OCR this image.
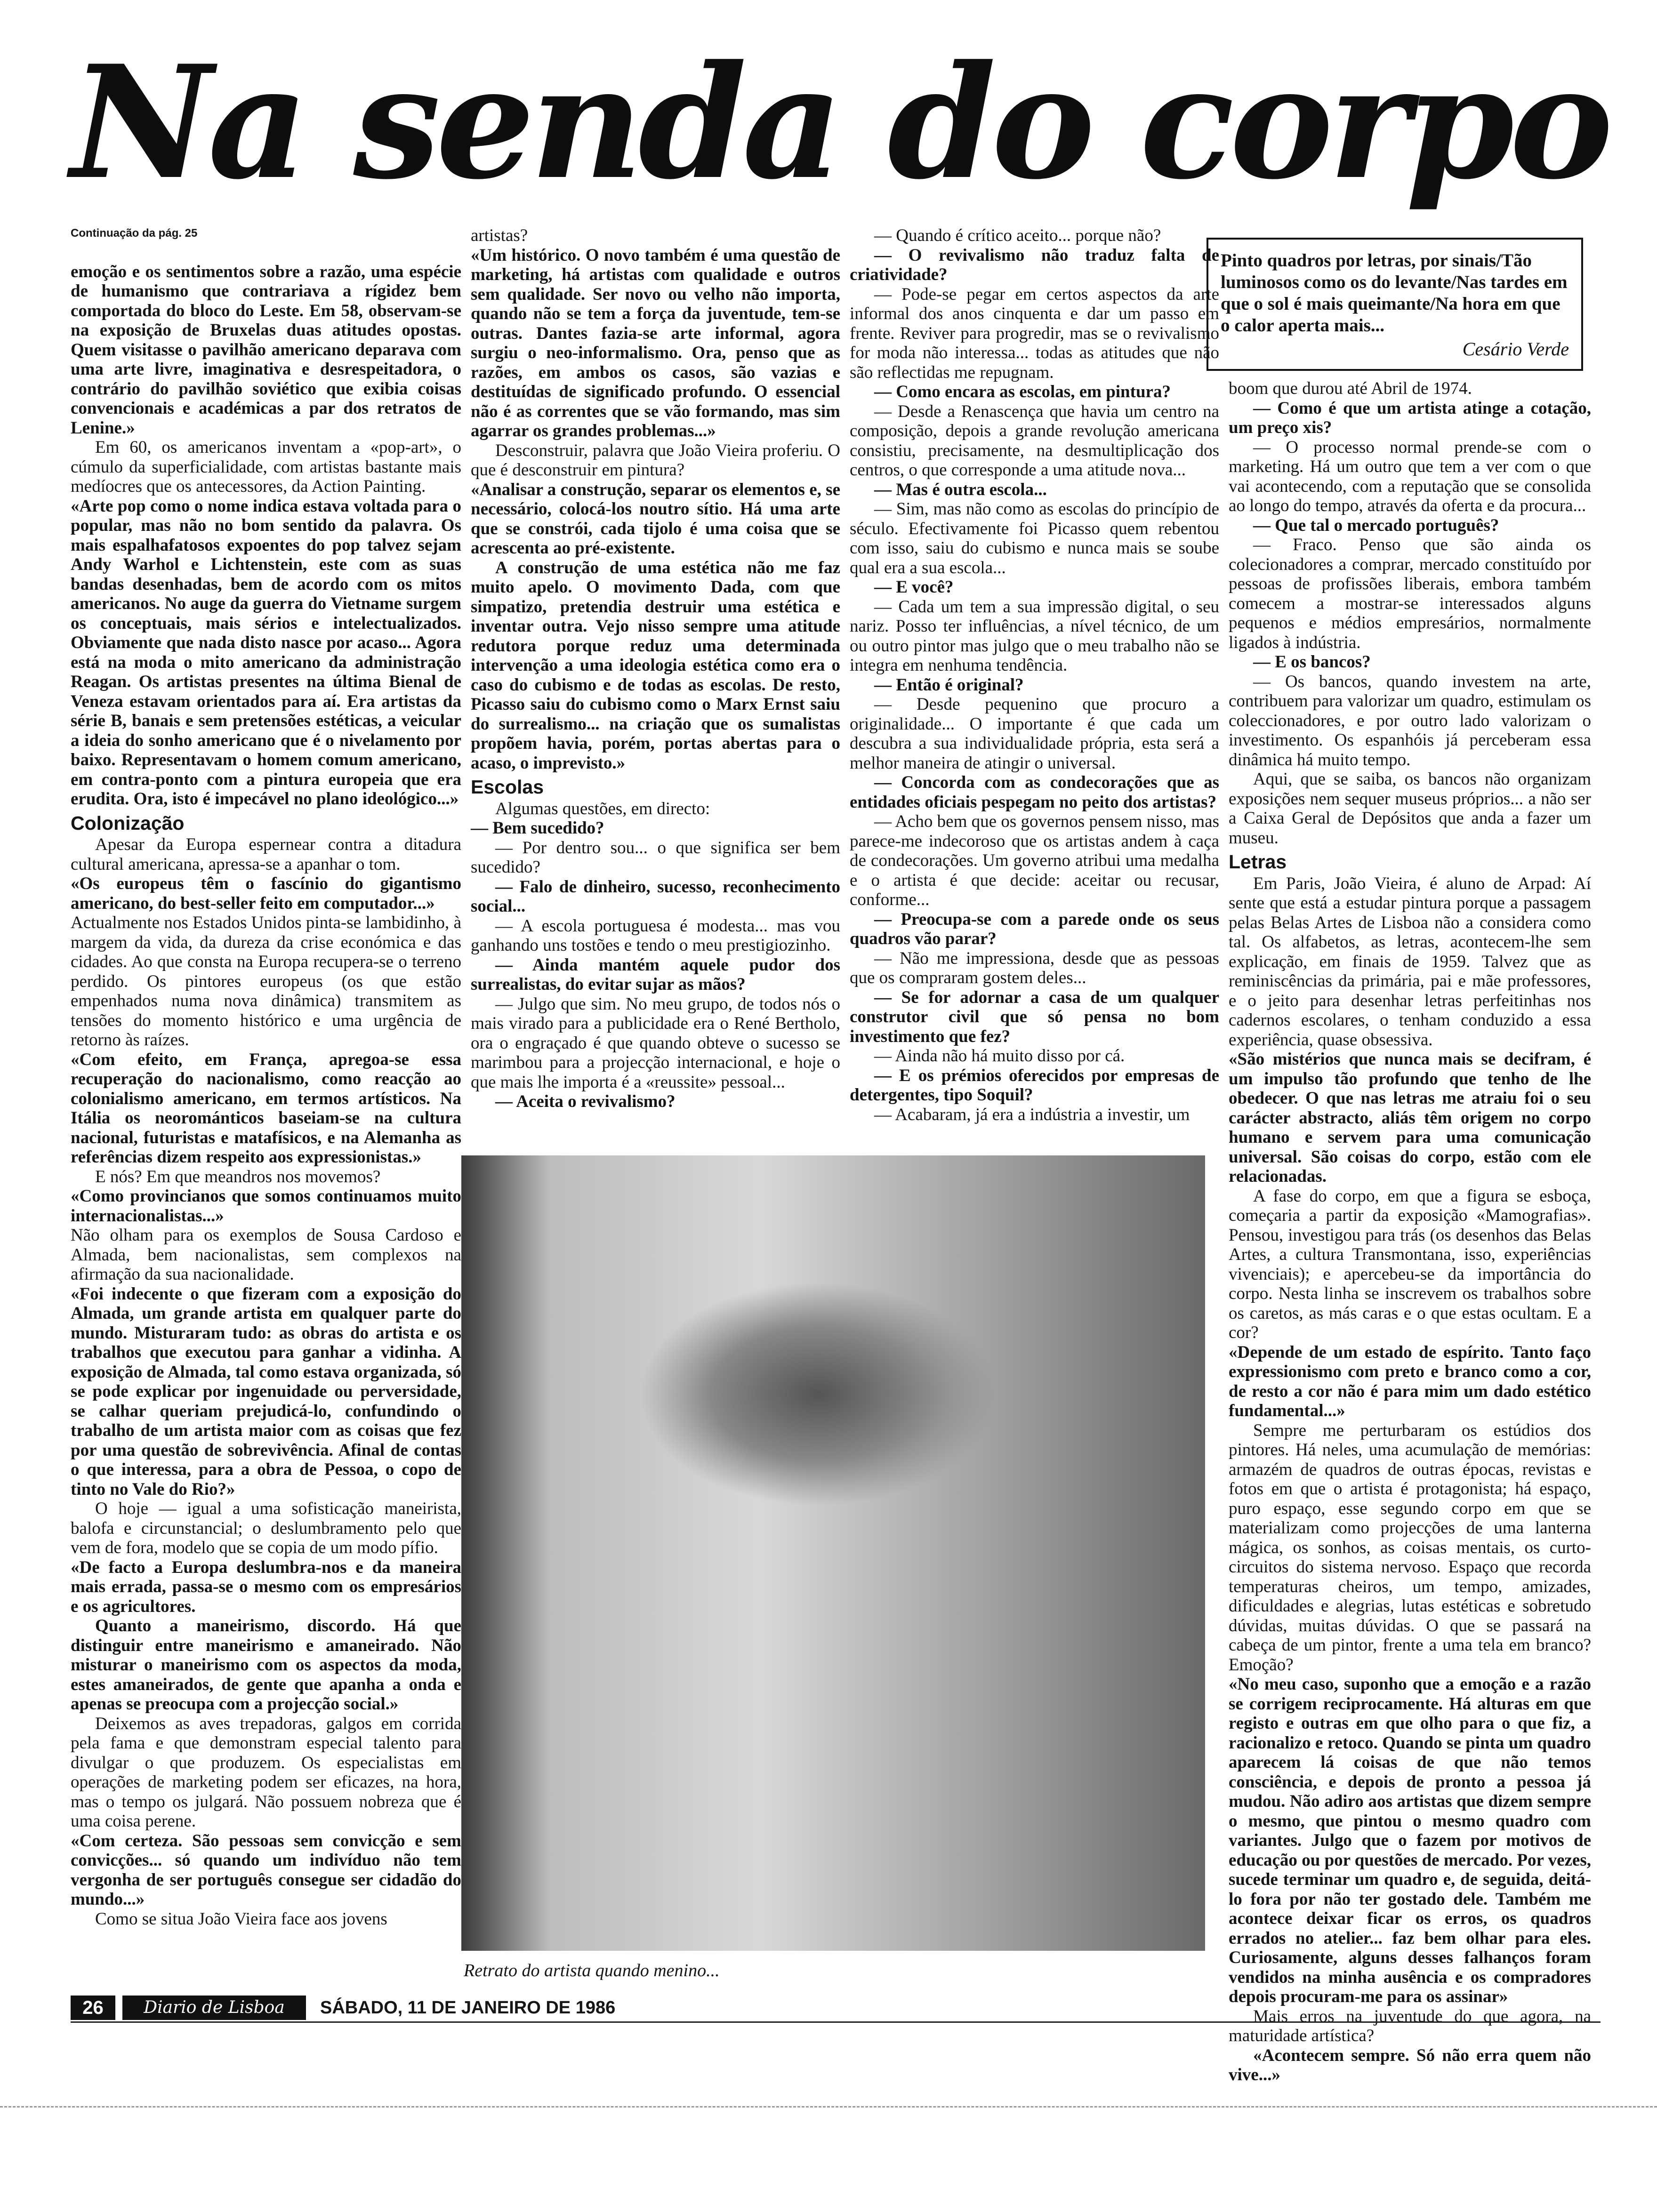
Na senda do corpo

Continuação da pág. 25

emoção e os sentimentos sobre a razão, uma espécie de humanismo que contrariava a rígidez bem comportada do bloco do Leste. Em 58, observam-se na exposição de Bruxelas duas atitudes opostas. Quem visitasse o pavilhão americano deparava com uma arte livre, imaginativa e desrespeitadora, o contrário do pavilhão soviético que exibia coisas convencionais e académicas a par dos retratos de Lenine.»

Em 60, os americanos inventam a «pop-art», o cúmulo da superficialidade, com artistas bastante mais medíocres que os antecessores, da Action Painting.

«Arte pop como o nome indica estava voltada para o popular, mas não no bom sentido da palavra. Os mais espalhafatosos expoentes do pop talvez sejam Andy Warhol e Lichtenstein, este com as suas bandas desenhadas, bem de acordo com os mitos americanos. No auge da guerra do Vietname surgem os conceptuais, mais sérios e intelectualizados. Obviamente que nada disto nasce por acaso... Agora está na moda o mito americano da administração Reagan. Os artistas presentes na última Bienal de Veneza estavam orientados para aí. Era artistas da série B, banais e sem pretensões estéticas, a veicular a ideia do sonho americano que é o nivelamento por baixo. Representavam o homem comum americano, em contra-ponto com a pintura europeia que era erudita. Ora, isto é impecável no plano ideológico...»

Colonização

Apesar da Europa espernear contra a ditadura cultural americana, apressa-se a apanhar o tom.

«Os europeus têm o fascínio do gigantismo americano, do best-seller feito em computador...»

Actualmente nos Estados Unidos pinta-se lambidinho, à margem da vida, da dureza da crise económica e das cidades. Ao que consta na Europa recupera-se o terreno perdido. Os pintores europeus (os que estão empenhados numa nova dinâmica) transmitem as tensões do momento histórico e uma urgência de retorno às raízes.

«Com efeito, em França, apregoa-se essa recuperação do nacionalismo, como reacção ao colonialismo americano, em termos artísticos. Na Itália os neorománticos baseiam-se na cultura nacional, futuristas e matafísicos, e na Alemanha as referências dizem respeito aos expressionistas.»

E nós? Em que meandros nos movemos?

«Como provincianos que somos continuamos muito internacionalistas...»

Não olham para os exemplos de Sousa Cardoso e Almada, bem nacionalistas, sem complexos na afirmação da sua nacionalidade.

«Foi indecente o que fizeram com a exposição do Almada, um grande artista em qualquer parte do mundo. Misturaram tudo: as obras do artista e os trabalhos que executou para ganhar a vidinha. A exposição de Almada, tal como estava organizada, só se pode explicar por ingenuidade ou perversidade, se calhar queriam prejudicá-lo, confundindo o trabalho de um artista maior com as coisas que fez por uma questão de sobrevivência. Afinal de contas o que interessa, para a obra de Pessoa, o copo de tinto no Vale do Rio?»

O hoje — igual a uma sofisticação maneirista, balofa e circunstancial; o deslumbramento pelo que vem de fora, modelo que se copia de um modo pífio.

«De facto a Europa deslumbra-nos e da maneira mais errada, passa-se o mesmo com os empresários e os agricultores.

Quanto a maneirismo, discordo. Há que distinguir entre maneirismo e amaneirado. Não misturar o maneirismo com os aspectos da moda, estes amaneirados, de gente que apanha a onda e apenas se preocupa com a projecção social.»

Deixemos as aves trepadoras, galgos em corrida pela fama e que demonstram especial talento para divulgar o que produzem. Os especialistas em operações de marketing podem ser eficazes, na hora, mas o tempo os julgará. Não possuem nobreza que é uma coisa perene.

«Com certeza. São pessoas sem convicção e sem convicções... só quando um indivíduo não tem vergonha de ser português consegue ser cidadão do mundo...»

Como se situa João Vieira face aos jovens

artistas?

«Um histórico. O novo também é uma questão de marketing, há artistas com qualidade e outros sem qualidade. Ser novo ou velho não importa, quando não se tem a força da juventude, tem-se outras. Dantes fazia-se arte informal, agora surgiu o neo-informalismo. Ora, penso que as razões, em ambos os casos, são vazias e destituídas de significado profundo. O essencial não é as correntes que se vão formando, mas sim agarrar os grandes problemas...»

Desconstruir, palavra que João Vieira proferiu. O que é desconstruir em pintura?

«Analisar a construção, separar os elementos e, se necessário, colocá-los noutro sítio. Há uma arte que se constrói, cada tijolo é uma coisa que se acrescenta ao pré-existente.

A construção de uma estética não me faz muito apelo. O movimento Dada, com que simpatizo, pretendia destruir uma estética e inventar outra. Vejo nisso sempre uma atitude redutora porque reduz uma determinada intervenção a uma ideologia estética como era o caso do cubismo e de todas as escolas. De resto, Picasso saiu do cubismo como o Marx Ernst saiu do surrealismo... na criação que os sumalistas propõem havia, porém, portas abertas para o acaso, o imprevisto.»

Escolas

Algumas questões, em directo:

— Bem sucedido?

— Por dentro sou... o que significa ser bem sucedido?

— Falo de dinheiro, sucesso, reconhecimento social...

— A escola portuguesa é modesta... mas vou ganhando uns tostões e tendo o meu prestigiozinho.

— Ainda mantém aquele pudor dos surrealistas, do evitar sujar as mãos?

— Julgo que sim. No meu grupo, de todos nós o mais virado para a publicidade era o René Bertholo, ora o engraçado é que quando obteve o sucesso se marimbou para a projecção internacional, e hoje o que mais lhe importa é a «reussite» pessoal...

— Aceita o revivalismo?

— Quando é crítico aceito... porque não?

— O revivalismo não traduz falta de criatividade?

— Pode-se pegar em certos aspectos da arte informal dos anos cinquenta e dar um passo em frente. Reviver para progredir, mas se o revivalismo for moda não interessa... todas as atitudes que não são reflectidas me repugnam.

— Como encara as escolas, em pintura?

— Desde a Renascença que havia um centro na composição, depois a grande revolução americana consistiu, precisamente, na desmultiplicação dos centros, o que corresponde a uma atitude nova...

— Mas é outra escola...

— Sim, mas não como as escolas do princípio de século. Efectivamente foi Picasso quem rebentou com isso, saiu do cubismo e nunca mais se soube qual era a sua escola...

— E você?

— Cada um tem a sua impressão digital, o seu nariz. Posso ter influências, a nível técnico, de um ou outro pintor mas julgo que o meu trabalho não se integra em nenhuma tendência.

— Então é original?

— Desde pequenino que procuro a originalidade... O importante é que cada um descubra a sua individualidade própria, esta será a melhor maneira de atingir o universal.

— Concorda com as condecorações que as entidades oficiais pespegam no peito dos artistas?

— Acho bem que os governos pensem nisso, mas parece-me indecoroso que os artistas andem à caça de condecorações. Um governo atribui uma medalha e o artista é que decide: aceitar ou recusar, conforme...

— Preocupa-se com a parede onde os seus quadros vão parar?

— Não me impressiona, desde que as pessoas que os compraram gostem deles...

— Se for adornar a casa de um qualquer construtor civil que só pensa no bom investimento que fez?

— Ainda não há muito disso por cá.

— E os prémios oferecidos por empresas de detergentes, tipo Soquil?

— Acabaram, já era a indústria a investir, um

Pinto quadros por letras, por sinais/Tão luminosos como os do levante/Nas tardes em que o sol é mais queimante/Na hora em que o calor aperta mais...

Cesário Verde

boom que durou até Abril de 1974.

— Como é que um artista atinge a cotação, um preço xis?

— O processo normal prende-se com o marketing. Há um outro que tem a ver com o que vai acontecendo, com a reputação que se consolida ao longo do tempo, através da oferta e da procura...

— Que tal o mercado português?

— Fraco. Penso que são ainda os colecionadores a comprar, mercado constituído por pessoas de profissões liberais, embora também comecem a mostrar-se interessados alguns pequenos e médios empresários, normalmente ligados à indústria.

— E os bancos?

— Os bancos, quando investem na arte, contribuem para valorizar um quadro, estimulam os coleccionadores, e por outro lado valorizam o investimento. Os espanhóis já perceberam essa dinâmica há muito tempo.

Aqui, que se saiba, os bancos não organizam exposições nem sequer museus próprios... a não ser a Caixa Geral de Depósitos que anda a fazer um museu.

Letras

Em Paris, João Vieira, é aluno de Arpad: Aí sente que está a estudar pintura porque a passagem pelas Belas Artes de Lisboa não a considera como tal. Os alfabetos, as letras, acontecem-lhe sem explicação, em finais de 1959. Talvez que as reminiscências da primária, pai e mãe professores, e o jeito para desenhar letras perfeitinhas nos cadernos escolares, o tenham conduzido a essa experiência, quase obsessiva.

«São mistérios que nunca mais se decifram, é um impulso tão profundo que tenho de lhe obedecer. O que nas letras me atraiu foi o seu carácter abstracto, aliás têm origem no corpo humano e servem para uma comunicação universal. São coisas do corpo, estão com ele relacionadas.

A fase do corpo, em que a figura se esboça, começaria a partir da exposição «Mamografias». Pensou, investigou para trás (os desenhos das Belas Artes, a cultura Transmontana, isso, experiências vivenciais); e apercebeu-se da importância do corpo. Nesta linha se inscrevem os trabalhos sobre os caretos, as más caras e o que estas ocultam. E a cor?

«Depende de um estado de espírito. Tanto faço expressionismo com preto e branco como a cor, de resto a cor não é para mim um dado estético fundamental...»

Sempre me perturbaram os estúdios dos pintores. Há neles, uma acumulação de memórias: armazém de quadros de outras épocas, revistas e fotos em que o artista é protagonista; há espaço, puro espaço, esse segundo corpo em que se materializam como projecções de uma lanterna mágica, os sonhos, as coisas mentais, os curto-circuitos do sistema nervoso. Espaço que recorda temperaturas cheiros, um tempo, amizades, dificuldades e alegrias, lutas estéticas e sobretudo dúvidas, muitas dúvidas. O que se passará na cabeça de um pintor, frente a uma tela em branco? Emoção?

«No meu caso, suponho que a emoção e a razão se corrigem reciprocamente. Há alturas em que registo e outras em que olho para o que fiz, a racionalizo e retoco. Quando se pinta um quadro aparecem lá coisas de que não temos consciência, e depois de pronto a pessoa já mudou. Não adiro aos artistas que dizem sempre o mesmo, que pintou o mesmo quadro com variantes. Julgo que o fazem por motivos de educação ou por questões de mercado. Por vezes, sucede terminar um quadro e, de seguida, deitá-lo fora por não ter gostado dele. Também me acontece deixar ficar os erros, os quadros errados no atelier... faz bem olhar para eles. Curiosamente, alguns desses falhanços foram vendidos na minha ausência e os compradores depois procuram-me para os assinar»

Mais erros na juventude do que agora, na maturidade artística?

«Acontecem sempre. Só não erra quem não vive...»

Retrato do artista quando menino...
26	Diario de Lisboa	SÁBADO, 11 DE JANEIRO DE 1986
